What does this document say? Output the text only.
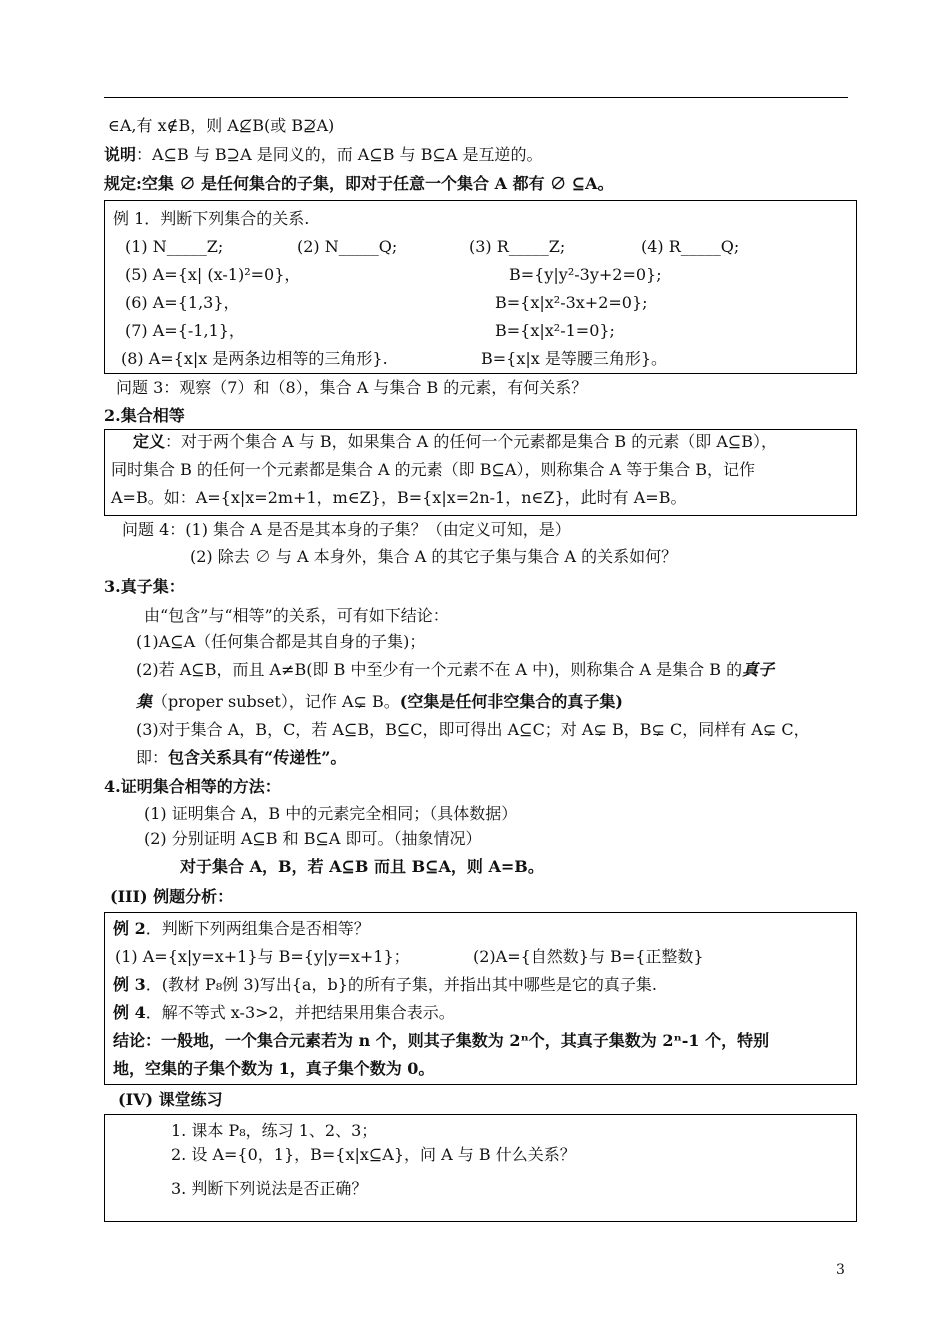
∈A,有 x∉B，则 A⊈B(或 B⊉A)
说明：A⊆B 与 B⊇A 是同义的，而 A⊆B 与 B⊆A 是互逆的。
规定:空集 ∅ 是任何集合的子集，即对于任意一个集合 A 都有 ∅ ⊆A。
例 1．判断下列集合的关系.
(1) N_____Z;	(2) N_____Q;	(3) R_____Z;	(4) R_____Q;
(5) A={x| (x-1)²=0}，	B={y|y²-3y+2=0};
(6) A={1,3}，	B={x|x²-3x+2=0};
(7) A={-1,1}，	B={x|x²-1=0};
(8) A={x|x 是两条边相等的三角形}.	B={x|x 是等腰三角形}。
问题 3：观察（7）和（8），集合 A 与集合 B 的元素，有何关系？
2.集合相等
定义：对于两个集合 A 与 B，如果集合 A 的任何一个元素都是集合 B 的元素（即 A⊆B），
同时集合 B 的任何一个元素都是集合 A 的元素（即 B⊆A），则称集合 A 等于集合 B，记作
A=B。如：A={x|x=2m+1，m∈Z}，B={x|x=2n-1，n∈Z}，此时有 A=B。
问题 4：(1) 集合 A 是否是其本身的子集？（由定义可知，是）
(2) 除去 ∅ 与 A 本身外，集合 A 的其它子集与集合 A 的关系如何？
3.真子集：
由“包含”与“相等”的关系，可有如下结论：
(1)A⊆A（任何集合都是其自身的子集)；
(2)若 A⊆B，而且 A≠B(即 B 中至少有一个元素不在 A 中)，则称集合 A 是集合 B 的真子
集（proper subset），记作 A⊊ B。(空集是任何非空集合的真子集)
(3)对于集合 A，B，C，若 A⊆B，B⊆C，即可得出 A⊆C；对 A⊊ B，B⊊ C，同样有 A⊊ C，
即：包含关系具有“传递性”。
4.证明集合相等的方法：
(1) 证明集合 A，B 中的元素完全相同；（具体数据）
(2) 分别证明 A⊆B 和 B⊆A 即可。（抽象情况）
对于集合 A，B，若 A⊆B 而且 B⊆A，则 A=B。
(III) 例题分析：
例 2．判断下列两组集合是否相等？
(1) A={x|y=x+1}与 B={y|y=x+1}；	(2)A={自然数}与 B={正整数}
例 3．(教材 P₈例 3)写出{a，b}的所有子集，并指出其中哪些是它的真子集.
例 4．解不等式 x-3>2，并把结果用集合表示。
结论：一般地，一个集合元素若为 n 个，则其子集数为 2ⁿ个，其真子集数为 2ⁿ-1 个，特别
地，空集的子集个数为 1，真子集个数为 0。
(IV) 课堂练习
1. 课本 P₈，练习 1、2、3；
2. 设 A={0，1}，B={x|x⊆A}，问 A 与 B 什么关系？
3. 判断下列说法是否正确？
3
